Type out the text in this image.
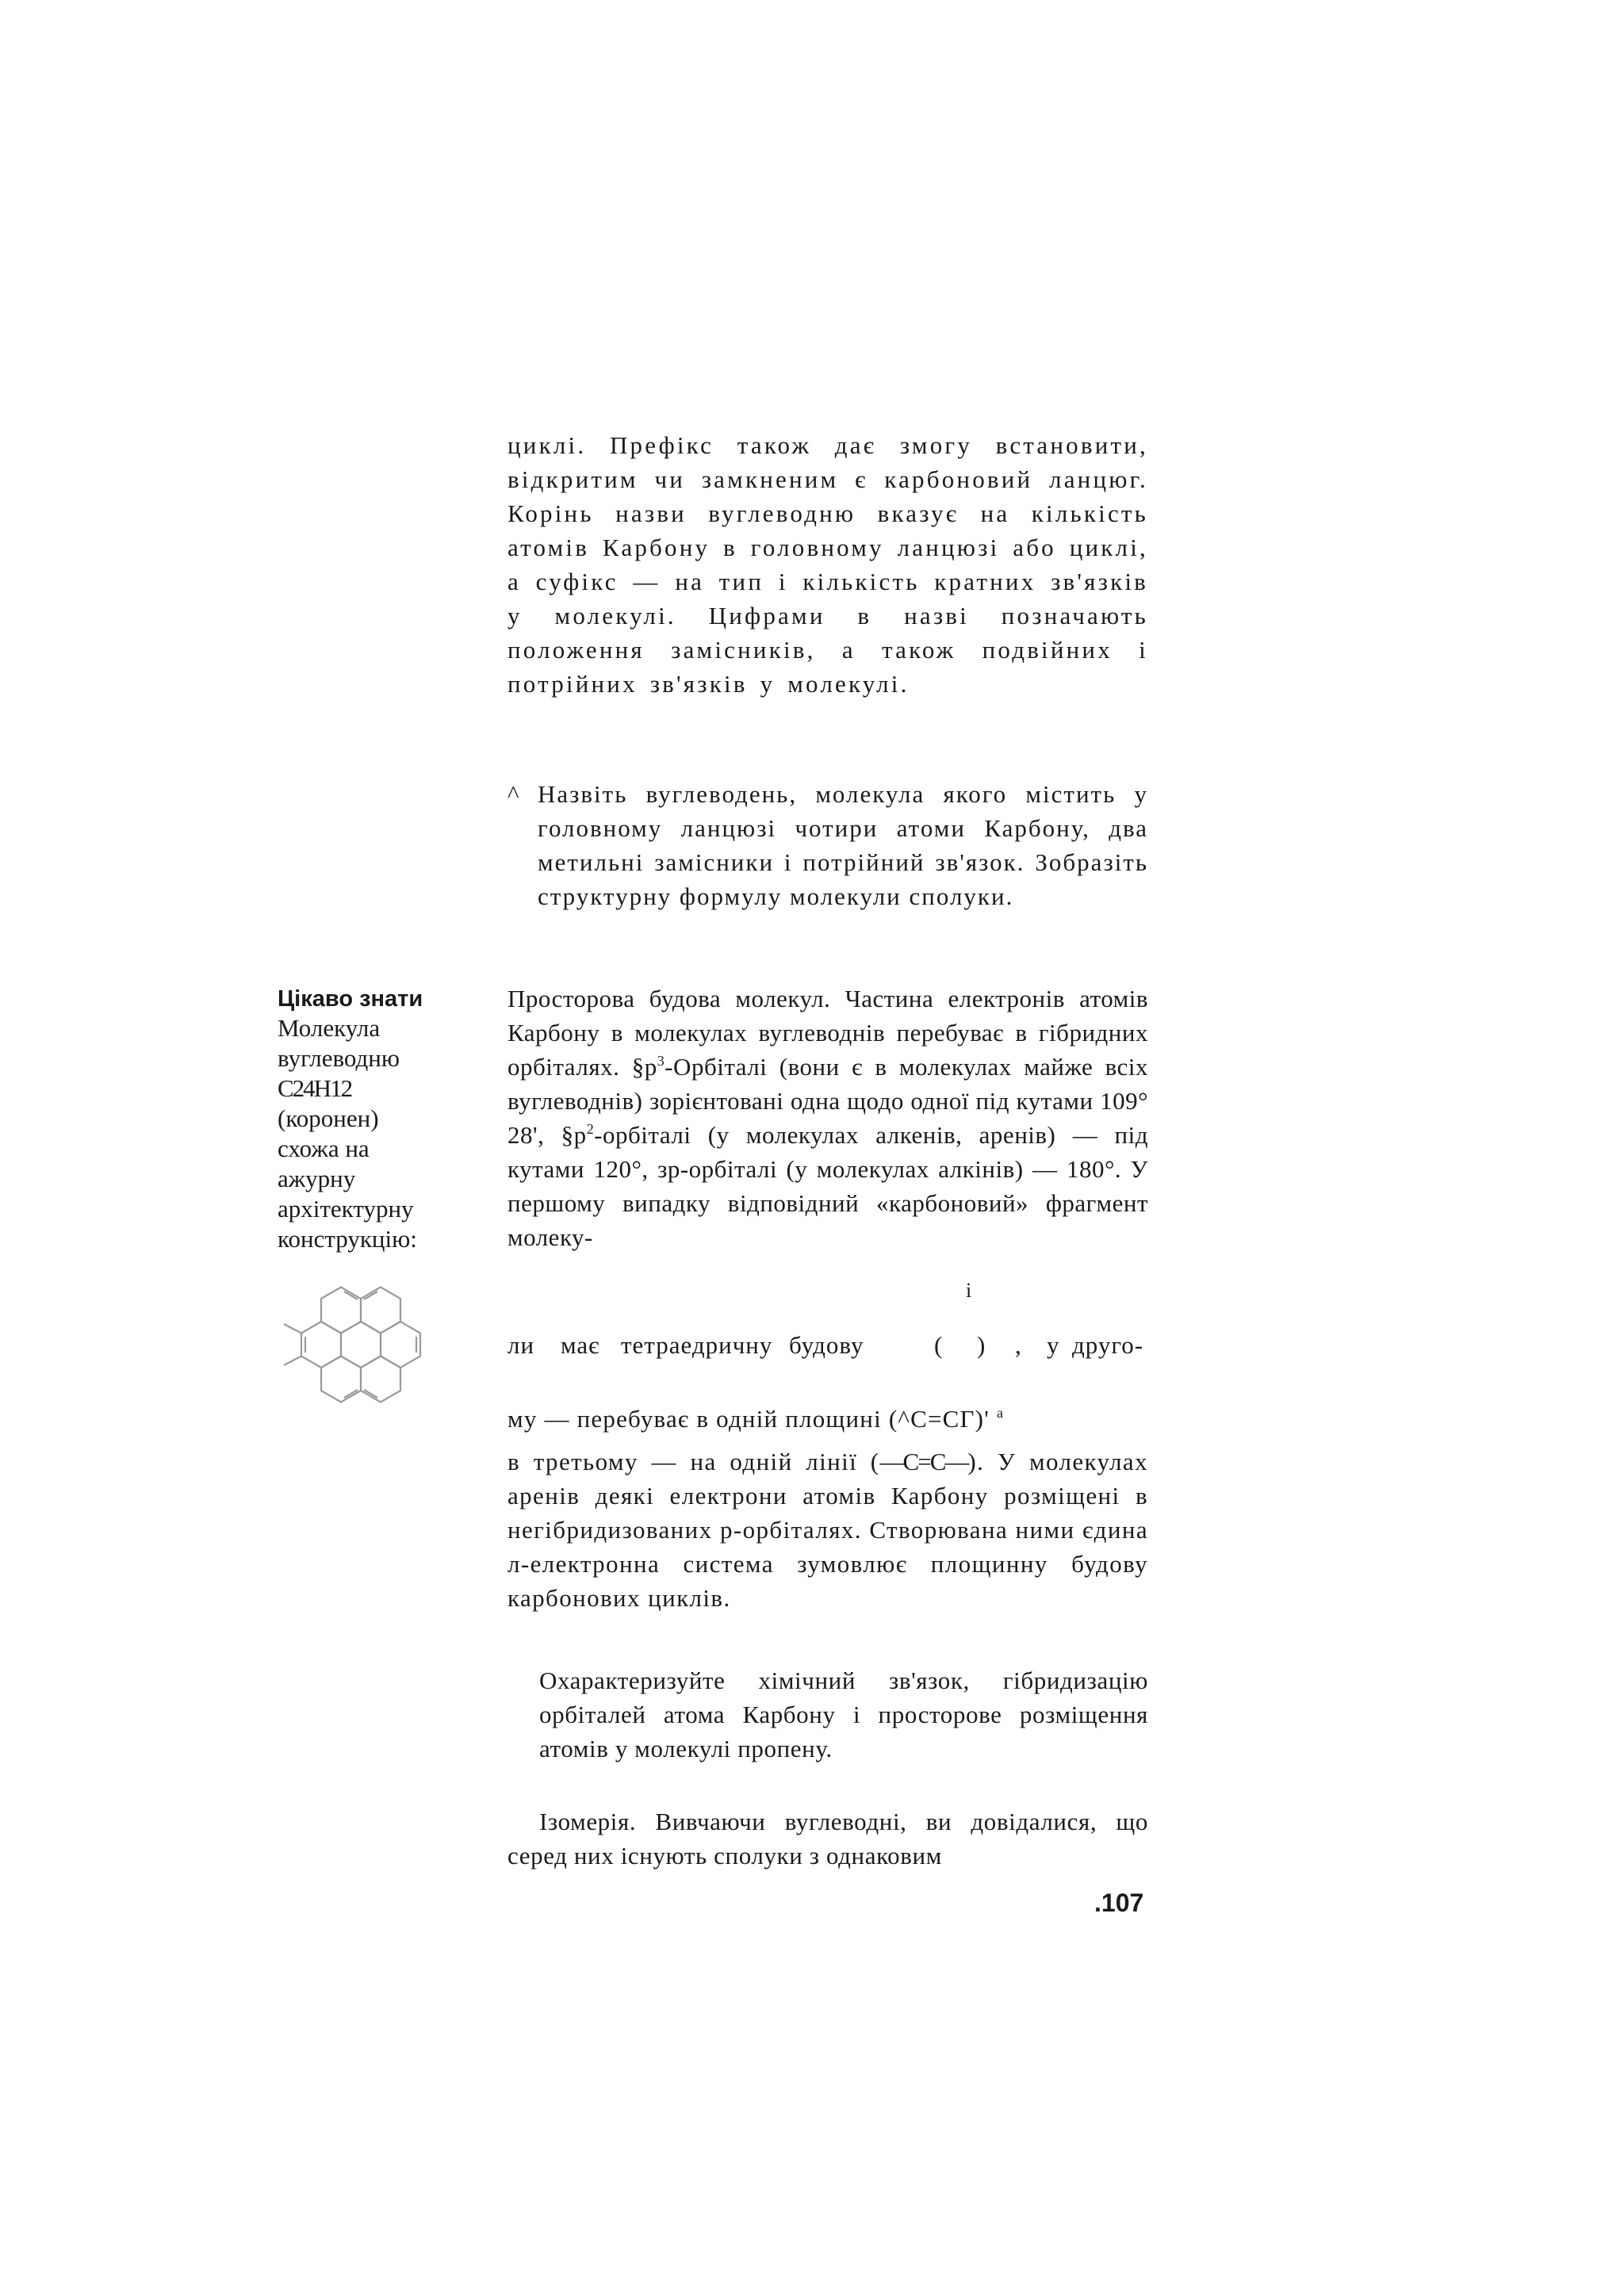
циклі. Префікс також дає змогу встановити, відкритим чи замкненим є карбоновий ланцюг. Корінь назви вуглеводню вказує на кількість атомів Карбону в головному ланцюзі або циклі, а суфікс — на тип і кількість кратних зв'язків у молекулі. Цифрами в назві позначають положення замісників, а також подвійних і потрійних зв'язків у молекулі.
^ Назвіть вуглеводень, молекула якого містить у головному ланцюзі чотири атоми Карбону, два метильні замісники і потрійний зв'язок. Зобразіть структурну формулу молекули сполуки.
Цікаво знати
Молекула
вуглеводню
C24H12
(коронен)
схожа на
ажурну
архітектурну
конструкцію:
Просторова будова молекул. Частина електронів атомів Карбону в молекулах вуглеводнів перебуває в гібридних орбіталях. $\S р^3$-Орбіталі (вони є в молекулах майже всіх вуглеводнів) зорієнтовані одна щодо одної під кутами 109° 28', $\S р^2$-орбіталі (у молекулах алкенів, аренів) — під кутами 120°, зр-орбіталі (у молекулах алкінів) — 180°. У першому випадку відповідний «карбоновий» фрагмент молеку-
і
ли має тетраедричну будову	( ) , у друго-
му — перебуває в одній площині (^С=СГ)' $^а$
в третьому — на одній лінії (—С=С—). У молекулах аренів деякі електрони атомів Карбону розміщені в негібридизованих р-орбіталях. Створювана ними єдина л-електронна система зумовлює площинну будову карбонових циклів.
Охарактеризуйте хімічний зв'язок, гібридизацію орбіталей атома Карбону і просторове розміщення атомів у молекулі пропену.
Ізомерія. Вивчаючи вуглеводні, ви довідалися, що серед них існують сполуки з однаковим
.107
